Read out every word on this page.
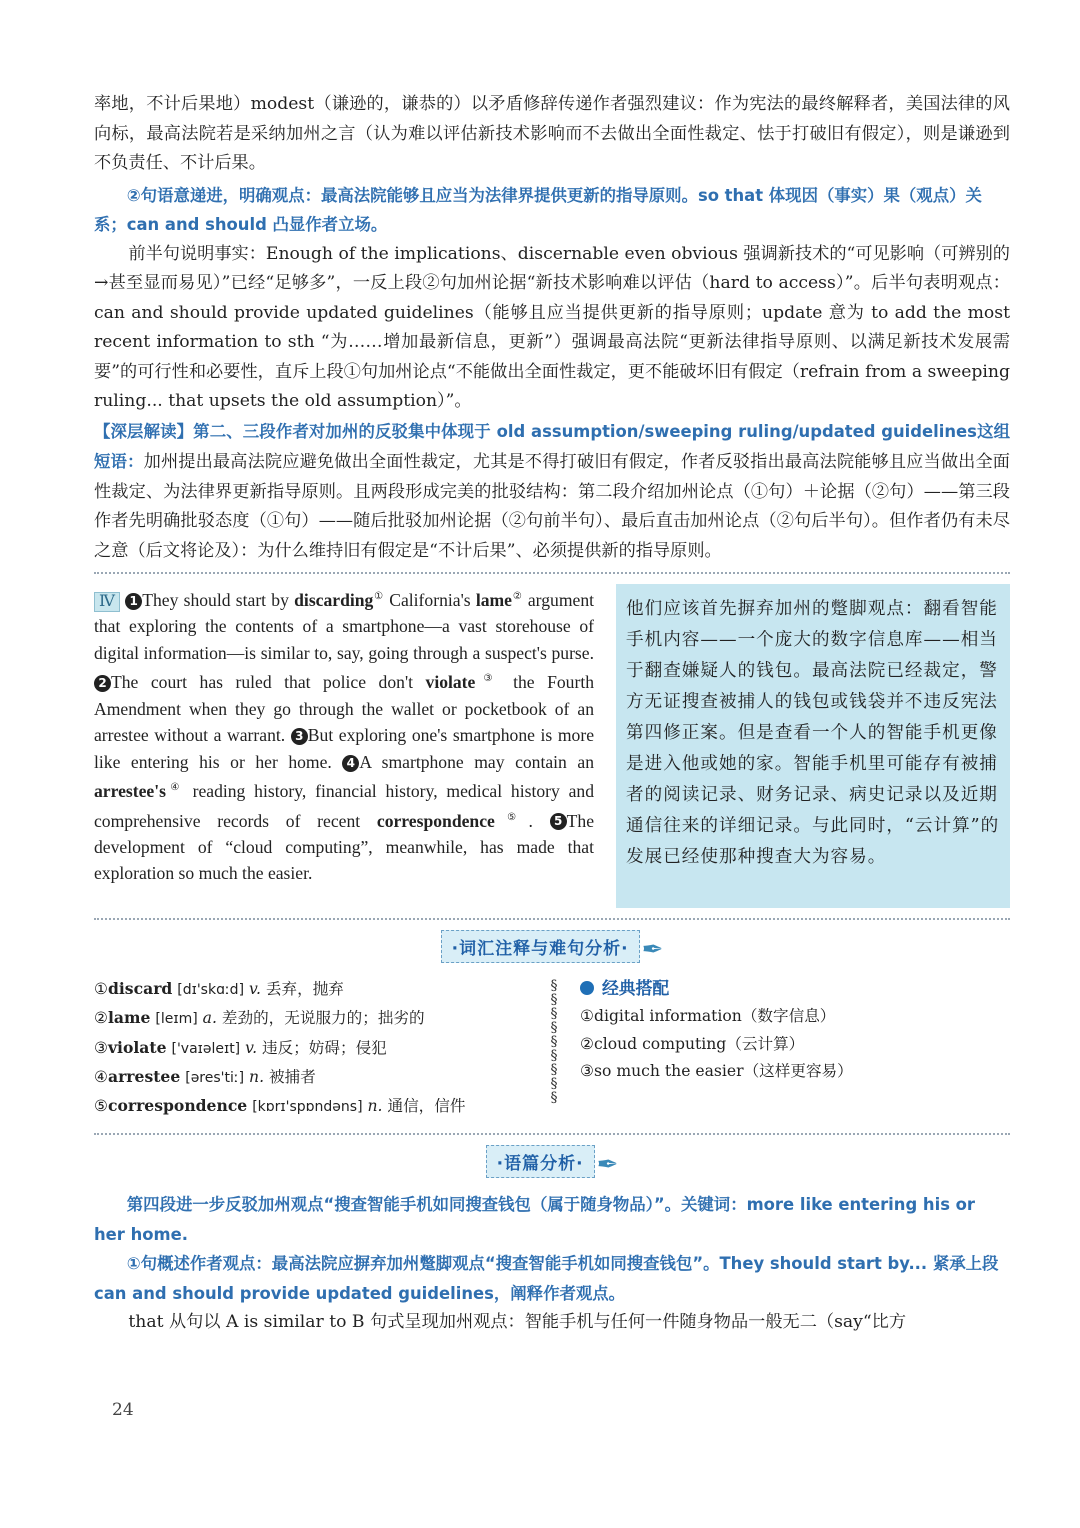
率地，不计后果地）modest（谦逊的，谦恭的）以矛盾修辞传递作者强烈建议：作为宪法的最终解释者，美国法律的风向标，最高法院若是采纳加州之言（认为难以评估新技术影响而不去做出全面性裁定、怯于打破旧有假定），则是谦逊到不负责任、不计后果。

②句语意递进，明确观点：最高法院能够且应当为法律界提供更新的指导原则。so that 体现因（事实）果（观点）关系；can and should 凸显作者立场。

前半句说明事实：Enough of the implications、discernable even obvious 强调新技术的“可见影响（可辨别的→甚至显而易见）”已经“足够多”，一反上段②句加州论据“新技术影响难以评估（hard to access）”。后半句表明观点：can and should provide updated guidelines（能够且应当提供更新的指导原则；update 意为 to add the most recent information to sth “为……增加最新信息，更新”）强调最高法院“更新法律指导原则、以满足新技术发展需要”的可行性和必要性，直斥上段①句加州论点“不能做出全面性裁定，更不能破坏旧有假定（refrain from a sweeping ruling... that upsets the old assumption）”。

【深层解读】第二、三段作者对加州的反驳集中体现于 old assumption/sweeping ruling/updated guidelines这组短语：加州提出最高法院应避免做出全面性裁定，尤其是不得打破旧有假定，作者反驳指出最高法院能够且应当做出全面性裁定、为法律界更新指导原则。且两段形成完美的批驳结构：第二段介绍加州论点（①句）＋论据（②句）——第三段作者先明确批驳态度（①句）——随后批驳加州论据（②句前半句）、最后直击加州论点（②句后半句）。但作者仍有未尽之意（后文将论及）：为什么维持旧有假定是“不计后果”、必须提供新的指导原则。

Ⅳ 1 They should start by discarding① California's lame② argument that exploring the contents of a smartphone—a vast storehouse of digital information—is similar to, say, going through a suspect's purse. 2 The court has ruled that police don't violate③ the Fourth Amendment when they go through the wallet or pocketbook of an arrestee without a warrant. 3 But exploring one's smartphone is more like entering his or her home. 4 A smartphone may contain an arrestee's④ reading history, financial history, medical history and comprehensive records of recent correspondence⑤. 5 The development of “cloud computing”, meanwhile, has made that exploration so much the easier.
他们应该首先摒弃加州的蹩脚观点：翻看智能手机内容——一个庞大的数字信息库——相当于翻查嫌疑人的钱包。最高法院已经裁定，警方无证搜查被捕人的钱包或钱袋并不违反宪法第四修正案。但是查看一个人的智能手机更像是进入他或她的家。智能手机里可能存有被捕者的阅读记录、财务记录、病史记录以及近期通信往来的详细记录。与此同时，“云计算”的发展已经使那种搜查大为容易。
·词汇注释与难句分析· ✒
①discard [dɪ'skɑːd] v. 丢弃，抛弃
②lame [leɪm] a. 差劲的，无说服力的；拙劣的
③violate ['vaɪəleɪt] v. 违反；妨碍；侵犯
④arrestee [əres'tiː] n. 被捕者
⑤correspondence [kɒrɪ'spɒndəns] n. 通信，信件
§
§
§
§
§
§
§
§
§
经典搭配
①digital information（数字信息）
②cloud computing（云计算）
③so much the easier（这样更容易）
·语篇分析· ✒

第四段进一步反驳加州观点“搜查智能手机如同搜查钱包（属于随身物品）”。关键词：more like entering his or her home.

①句概述作者观点：最高法院应摒弃加州蹩脚观点“搜查智能手机如同搜查钱包”。They should start by... 紧承上段 can and should provide updated guidelines，阐释作者观点。

that 从句以 A is similar to B 句式呈现加州观点：智能手机与任何一件随身物品一般无二（say“比方

24
